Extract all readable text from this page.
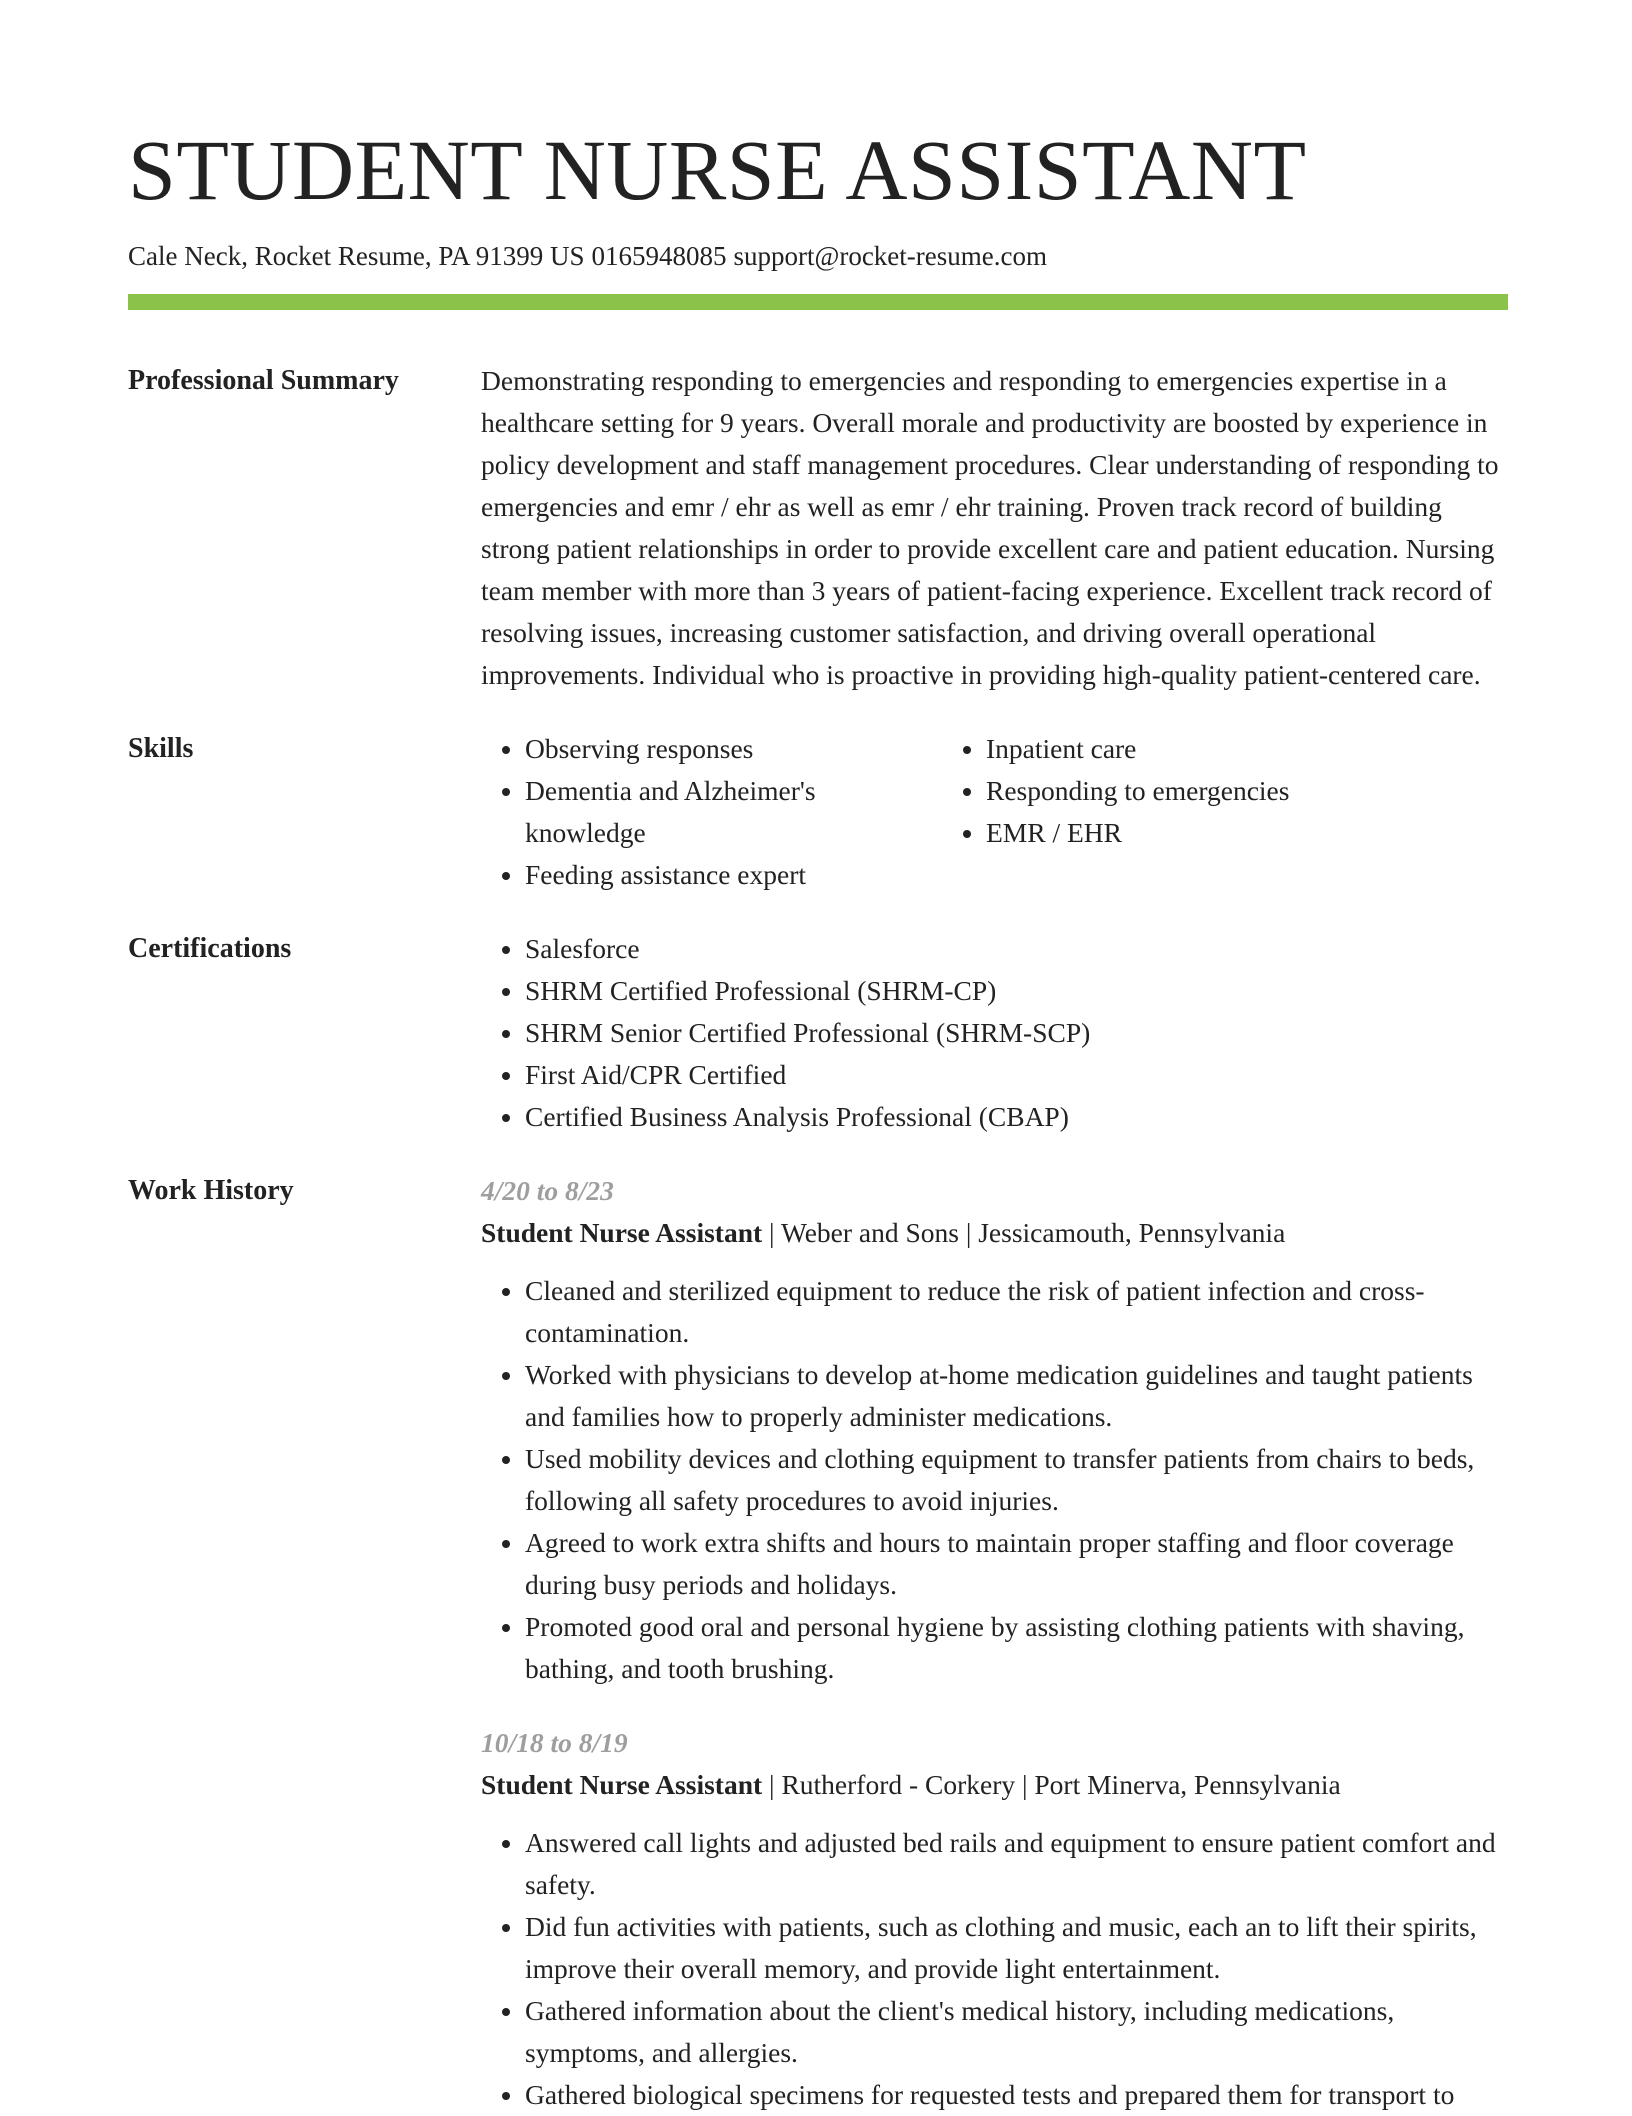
STUDENT NURSE ASSISTANT
Cale Neck, Rocket Resume, PA 91399 US 0165948085 support@rocket-resume.com
Professional Summary	Demonstrating responding to emergencies and responding to emergencies expertise in a healthcare setting for 9 years. Overall morale and productivity are boosted by experience in policy development and staff management procedures. Clear understanding of responding to emergencies and emr / ehr as well as emr / ehr training. Proven track record of building strong patient relationships in order to provide excellent care and patient education. Nursing team member with more than 3 years of patient-facing experience. Excellent track record of resolving issues, increasing customer satisfaction, and driving overall operational improvements. Individual who is proactive in providing high-quality patient-centered care.

Skills	• Observing responses
• Dementia and Alzheimer's knowledge
• Feeding assistance expert
• Inpatient care
• Responding to emergencies
• EMR / EHR
Certifications	• Salesforce
• SHRM Certified Professional (SHRM-CP)
• SHRM Senior Certified Professional (SHRM-SCP)
• First Aid/CPR Certified
• Certified Business Analysis Professional (CBAP)
Work History	4/20 to 8/23
Student Nurse Assistant | Weber and Sons | Jessicamouth, Pennsylvania
• Cleaned and sterilized equipment to reduce the risk of patient infection and cross-contamination.
• Worked with physicians to develop at-home medication guidelines and taught patients and families how to properly administer medications.
• Used mobility devices and clothing equipment to transfer patients from chairs to beds, following all safety procedures to avoid injuries.
• Agreed to work extra shifts and hours to maintain proper staffing and floor coverage during busy periods and holidays.
• Promoted good oral and personal hygiene by assisting clothing patients with shaving, bathing, and tooth brushing.
10/18 to 8/19
Student Nurse Assistant | Rutherford - Corkery | Port Minerva, Pennsylvania
• Answered call lights and adjusted bed rails and equipment to ensure patient comfort and safety.
• Did fun activities with patients, such as clothing and music, each an to lift their spirits, improve their overall memory, and provide light entertainment.
• Gathered information about the client's medical history, including medications, symptoms, and allergies.
• Gathered biological specimens for requested tests and prepared them for transport to
